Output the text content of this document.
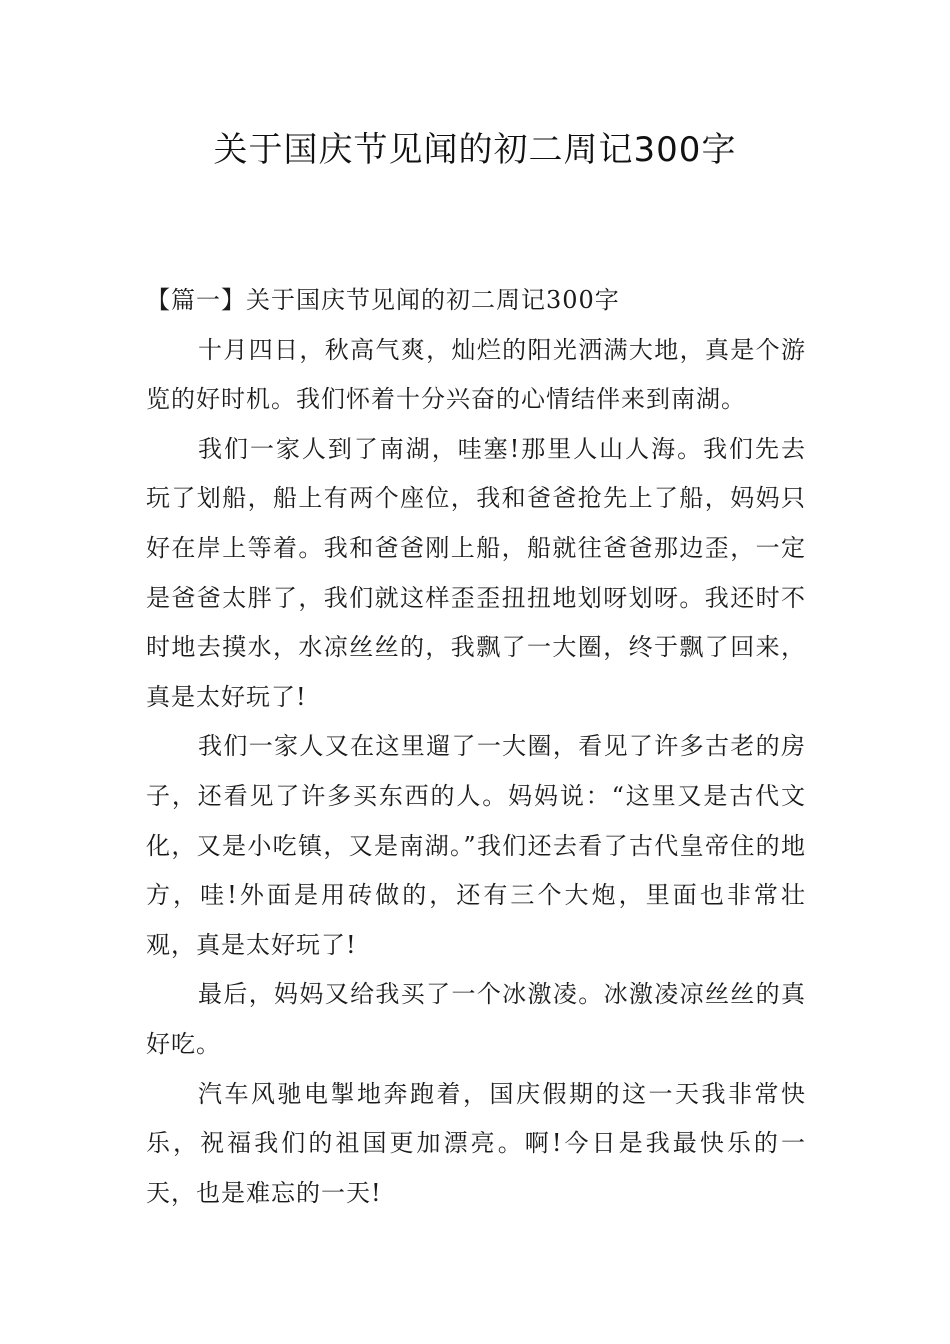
关于国庆节见闻的初二周记300字

【篇一】关于国庆节见闻的初二周记300字

十月四日，秋高气爽，灿烂的阳光洒满大地，真是个游览的好时机。我们怀着十分兴奋的心情结伴来到南湖。

我们一家人到了南湖，哇塞!那里人山人海。我们先去玩了划船，船上有两个座位，我和爸爸抢先上了船，妈妈只好在岸上等着。我和爸爸刚上船，船就往爸爸那边歪，一定是爸爸太胖了，我们就这样歪歪扭扭地划呀划呀。我还时不时地去摸水，水凉丝丝的，我飘了一大圈，终于飘了回来，真是太好玩了!

我们一家人又在这里遛了一大圈，看见了许多古老的房子，还看见了许多买东西的人。妈妈说：“这里又是古代文化，又是小吃镇，又是南湖。”我们还去看了古代皇帝住的地方，哇!外面是用砖做的，还有三个大炮，里面也非常壮观，真是太好玩了!

最后，妈妈又给我买了一个冰激凌。冰激凌凉丝丝的真好吃。

汽车风驰电掣地奔跑着，国庆假期的这一天我非常快乐，祝福我们的祖国更加漂亮。啊!今日是我最快乐的一天，也是难忘的一天!
